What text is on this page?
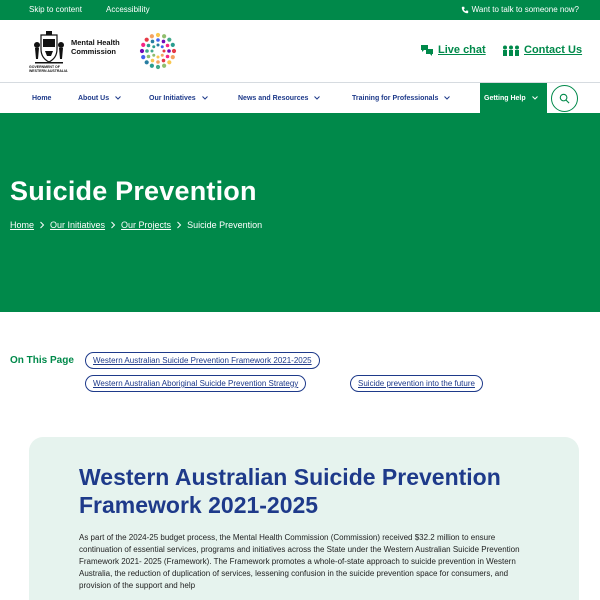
Skip to content	Accessibility	Want to talk to someone now?
GOVERNMENT OF WESTERN AUSTRALIA
Mental Health Commission	Live chat	Contact Us
Home	About Us	Our Initiatives	News and Resources	Training for Professionals	Getting Help
Suicide Prevention
Home Our Initiatives Our Projects Suicide Prevention
On This Page	Western Australian Suicide Prevention Framework 2021-2025
Western Australian Aboriginal Suicide Prevention Strategy	Suicide prevention into the future
Western Australian Suicide Prevention Framework 2021-2025

As part of the 2024-25 budget process, the Mental Health Commission (Commission) received $32.2 million to ensure continuation of essential services, programs and initiatives across the State under the Western Australian Suicide Prevention Framework 2021- 2025 (Framework). The Framework promotes a whole-of-state approach to suicide prevention in Western Australia, the reduction of duplication of services, lessening confusion in the suicide prevention space for consumers, and provision of the support and help
